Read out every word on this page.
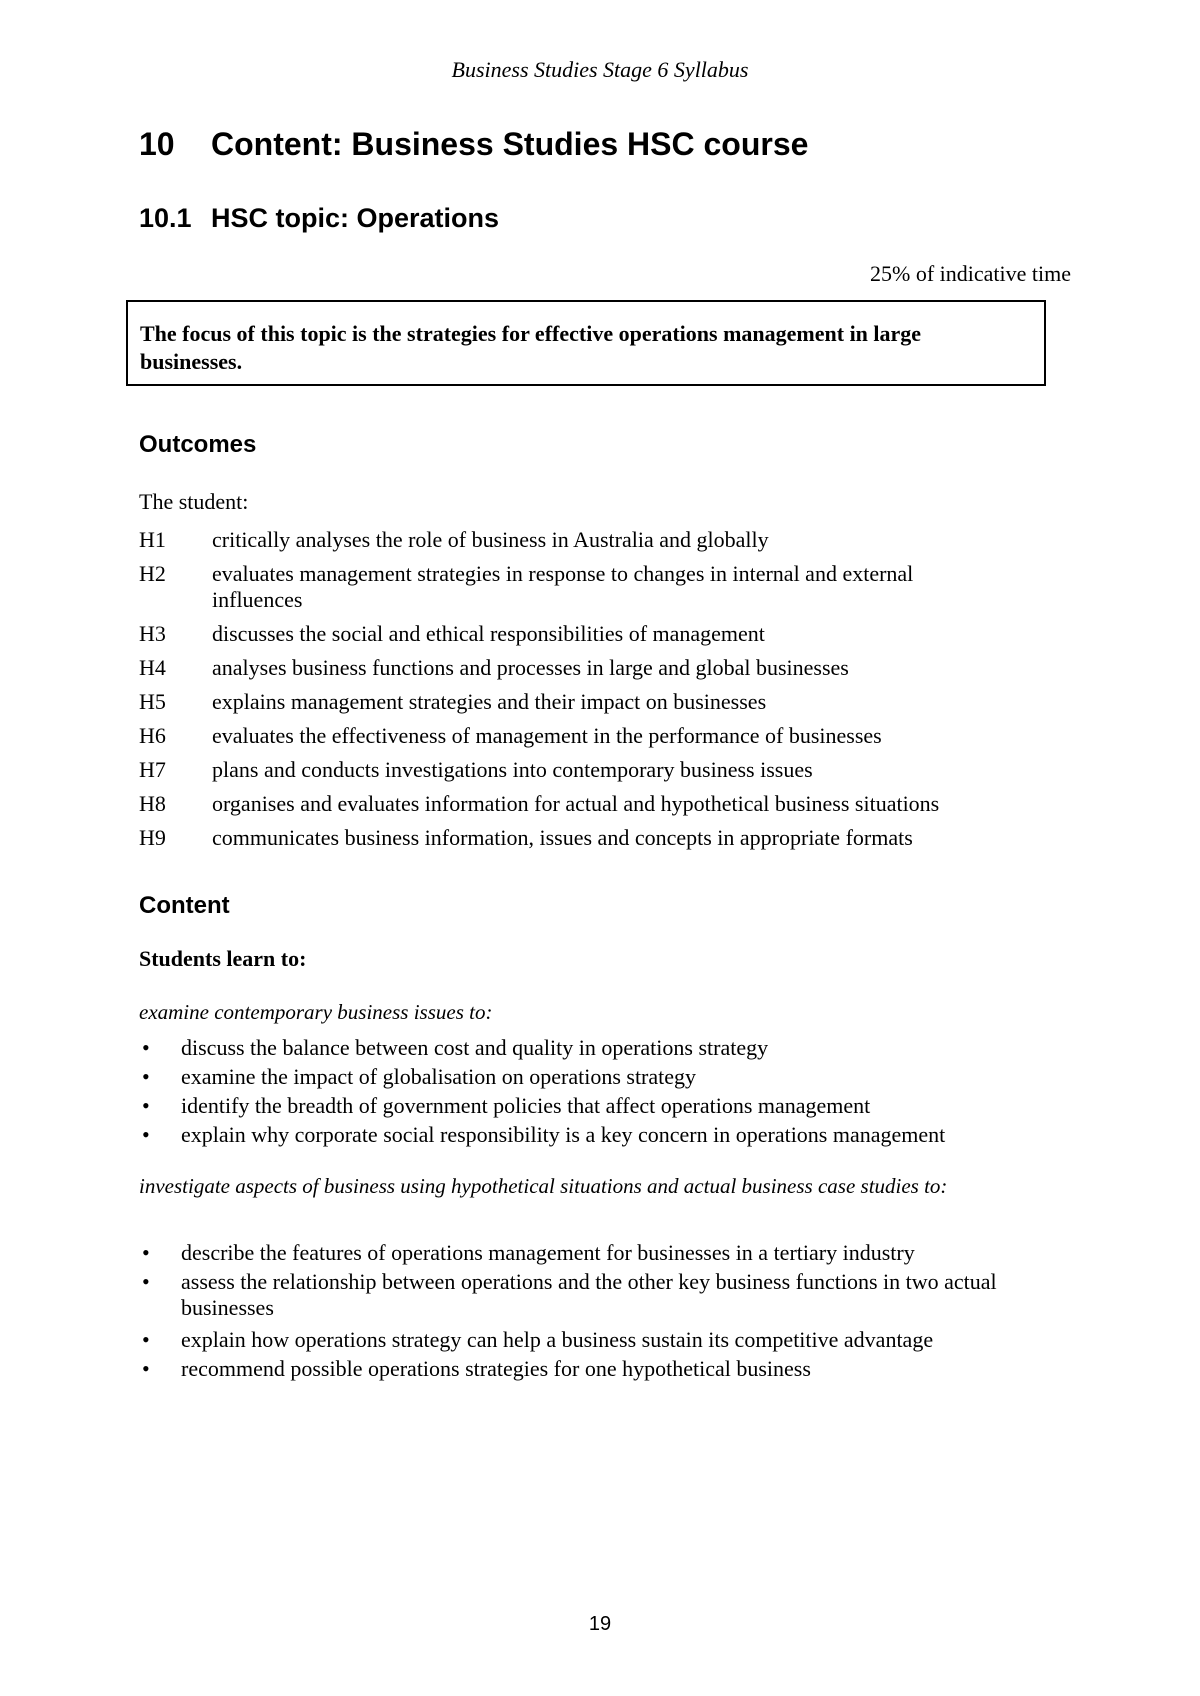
Business Studies Stage 6 Syllabus
10 Content: Business Studies HSC course
10.1 HSC topic: Operations
25% of indicative time
The focus of this topic is the strategies for effective operations management in large businesses.
Outcomes
The student:
H1 critically analyses the role of business in Australia and globally
H2 evaluates management strategies in response to changes in internal and external influences
H3 discusses the social and ethical responsibilities of management
H4 analyses business functions and processes in large and global businesses
H5 explains management strategies and their impact on businesses
H6 evaluates the effectiveness of management in the performance of businesses
H7 plans and conducts investigations into contemporary business issues
H8 organises and evaluates information for actual and hypothetical business situations
H9 communicates business information, issues and concepts in appropriate formats
Content
Students learn to:
examine contemporary business issues to:
• discuss the balance between cost and quality in operations strategy
• examine the impact of globalisation on operations strategy
• identify the breadth of government policies that affect operations management
• explain why corporate social responsibility is a key concern in operations management
investigate aspects of business using hypothetical situations and actual business case studies to:
• describe the features of operations management for businesses in a tertiary industry
• assess the relationship between operations and the other key business functions in two actual businesses
• explain how operations strategy can help a business sustain its competitive advantage
• recommend possible operations strategies for one hypothetical business
19
